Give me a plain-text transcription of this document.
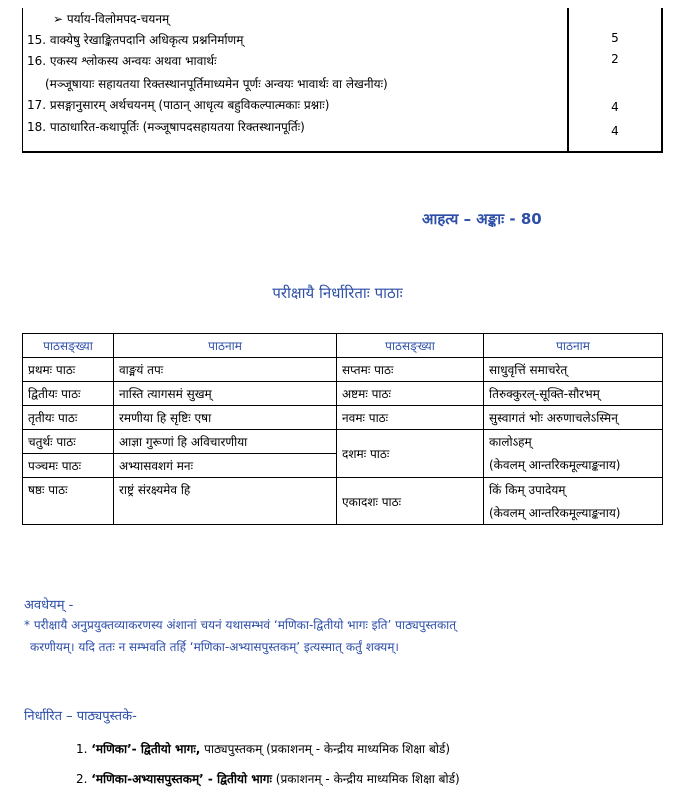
➢ पर्याय-विलोमपद-चयनम्	

15. वाक्येषु रेखाङ्कितपदानि अधिकृत्य प्रश्ननिर्माणम्	5

16. एकस्य श्लोकस्य अन्वयः अथवा भावार्थः
(मञ्जूषायाः सहायतया रिक्तस्थानपूर्तिमाध्यमेन पूर्णः अन्वयः भावार्थः वा लेखनीयः)	2
17. प्रसङ्गानुसारम् अर्थचयनम् (पाठान् आधृत्य बहुविकल्पात्मकाः प्रश्नाः)	4
18. पाठाधारित-कथापूर्तिः (मञ्जूषापदसहायतया रिक्तस्थानपूर्तिः)	4
आहत्य – अङ्काः - 80
परीक्षायै निर्धारिताः पाठाः
पाठसङ्ख्या	पाठनाम	पाठसङ्ख्या	पाठनाम
प्रथमः पाठः	वाङ्मयं तपः	सप्तमः पाठः	साधुवृत्तिं समाचरेत्
द्वितीयः पाठः	नास्ति त्यागसमं सुखम्	अष्टमः पाठः	तिरुक्कुरल्-सूक्ति-सौरभम्
तृतीयः पाठः	रमणीया हि सृष्टिः एषा	नवमः पाठः	सुस्वागतं भोः अरुणाचलेऽस्मिन्
चतुर्थः पाठः	आज्ञा गुरूणां हि अविचारणीया	दशमः पाठः	कालोऽहम्
(केवलम् आन्तरिकमूल्याङ्कनाय)

पञ्चमः पाठः	अभ्यासवशगं मनः		
षष्ठः पाठः	राष्ट्रं संरक्ष्यमेव हि	एकादशः पाठः	किं किम् उपादेयम्
(केवलम् आन्तरिकमूल्याङ्कनाय)
अवधेयम् -
* परीक्षायै अनुप्रयुक्तव्याकरणस्य अंशानां चयनं यथासम्भवं ‘मणिका-द्वितीयो भागः इति’ पाठ्यपुस्तकात्
करणीयम्। यदि ततः न सम्भवति तर्हि ‘मणिका-अभ्यासपुस्तकम्’ इत्यस्मात् कर्तुं शक्यम्।
निर्धारित – पाठ्यपुस्तके-
1. ‘मणिका’- द्वितीयो भागः, पाठ्यपुस्तकम् (प्रकाशनम् - केन्द्रीय माध्यमिक शिक्षा बोर्ड)
2. ‘मणिका-अभ्यासपुस्तकम्’ - द्वितीयो भागः (प्रकाशनम् - केन्द्रीय माध्यमिक शिक्षा बोर्ड)
